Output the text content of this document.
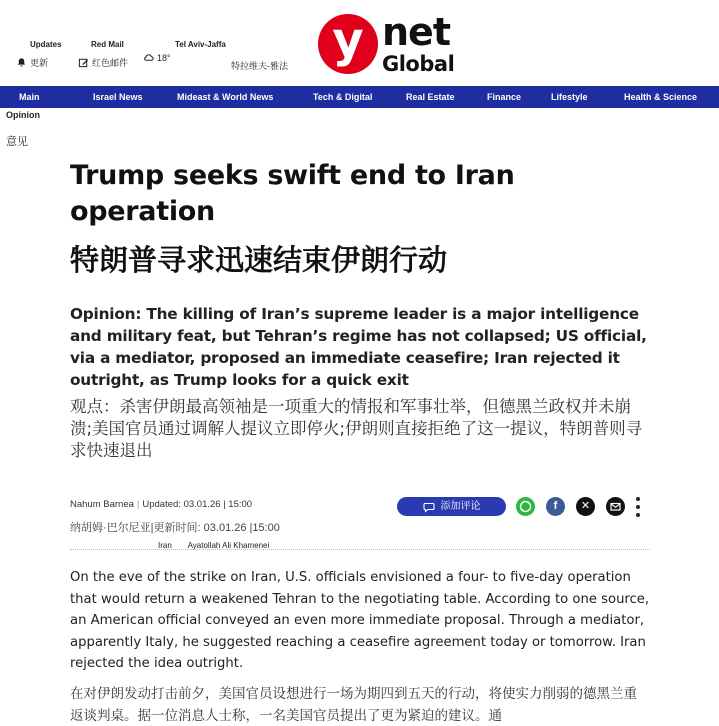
Updates
更新
Red Mail
红色邮件
Tel Aviv-Jaffa
18°
特拉维夫-雅法 y net
Global
Main	Israel News	Mideast & World News	Tech & Digital	Real Estate	Finance	Lifestyle	Health & Science
Opinion
意见
Trump seeks swift end to Iran operation
特朗普寻求迅速结束伊朗行动

Opinion: The killing of Iran’s supreme leader is a major intelligence and military feat, but Tehran’s regime has not collapsed; US official, via a mediator, proposed an immediate ceasefire; Iran rejected it outright, as Trump looks for a quick exit

观点：杀害伊朗最高领袖是一项重大的情报和军事壮举，但德黑兰政权并未崩溃;美国官员通过调解人提议立即停火;伊朗则直接拒绝了这一提议，特朗普则寻求快速退出

Nahum Barnea | Updated: 03.01.26 | 15:00
纳胡姆·巴尔尼亚|更新时间: 03.01.26 |15:00
添加评论	f	✕
Iran Ayatollah Ali Khamenei

On the eve of the strike on Iran, U.S. officials envisioned a four- to five-day operation that would return a weakened Tehran to the negotiating table. According to one source, an American official conveyed an even more immediate proposal. Through a mediator, apparently Italy, he suggested reaching a ceasefire agreement today or tomorrow. Iran rejected the idea outright.

在对伊朗发动打击前夕，美国官员设想进行一场为期四到五天的行动，将使实力削弱的德黑兰重返谈判桌。据一位消息人士称，一名美国官员提出了更为紧迫的建议。通
